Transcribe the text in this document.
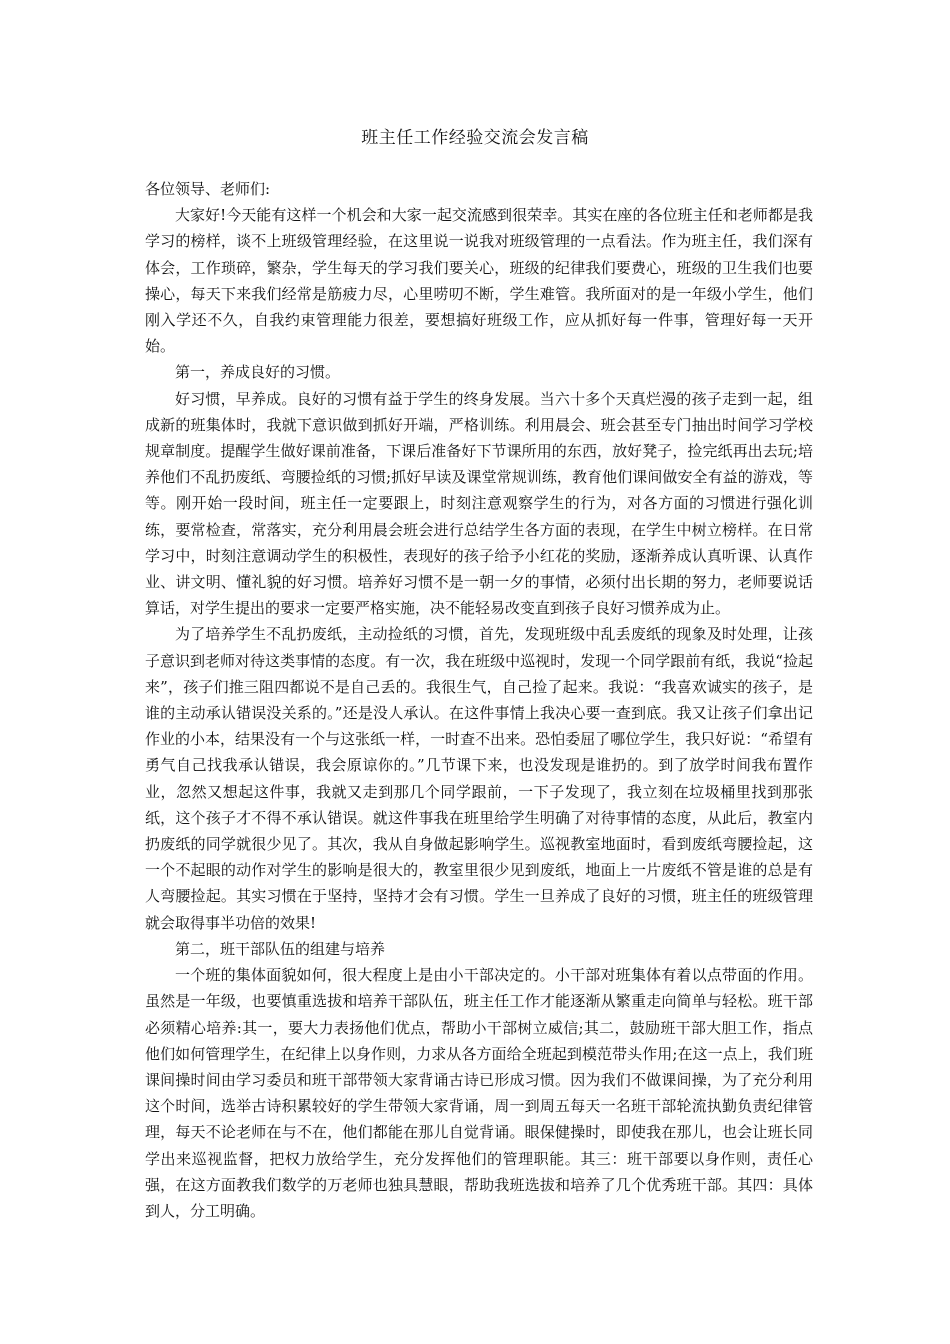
班主任工作经验交流会发言稿

各位领导、老师们:

大家好!今天能有这样一个机会和大家一起交流感到很荣幸。其实在座的各位班主任和老师都是我学习的榜样，谈不上班级管理经验，在这里说一说我对班级管理的一点看法。作为班主任，我们深有体会，工作琐碎，繁杂，学生每天的学习我们要关心，班级的纪律我们要费心，班级的卫生我们也要操心，每天下来我们经常是筋疲力尽，心里唠叨不断，学生难管。我所面对的是一年级小学生，他们刚入学还不久，自我约束管理能力很差，要想搞好班级工作，应从抓好每一件事，管理好每一天开始。

第一，养成良好的习惯。

好习惯，早养成。良好的习惯有益于学生的终身发展。当六十多个天真烂漫的孩子走到一起，组成新的班集体时，我就下意识做到抓好开端，严格训练。利用晨会、班会甚至专门抽出时间学习学校规章制度。提醒学生做好课前准备，下课后准备好下节课所用的东西，放好凳子，捡完纸再出去玩;培养他们不乱扔废纸、弯腰捡纸的习惯;抓好早读及课堂常规训练，教育他们课间做安全有益的游戏，等等。刚开始一段时间，班主任一定要跟上，时刻注意观察学生的行为，对各方面的习惯进行强化训练，要常检查，常落实，充分利用晨会班会进行总结学生各方面的表现，在学生中树立榜样。在日常学习中，时刻注意调动学生的积极性，表现好的孩子给予小红花的奖励，逐渐养成认真听课、认真作业、讲文明、懂礼貌的好习惯。培养好习惯不是一朝一夕的事情，必须付出长期的努力，老师要说话算话，对学生提出的要求一定要严格实施，决不能轻易改变直到孩子良好习惯养成为止。

为了培养学生不乱扔废纸，主动捡纸的习惯，首先，发现班级中乱丢废纸的现象及时处理，让孩子意识到老师对待这类事情的态度。有一次，我在班级中巡视时，发现一个同学跟前有纸，我说“捡起来”，孩子们推三阻四都说不是自己丢的。我很生气，自己捡了起来。我说：“我喜欢诚实的孩子，是谁的主动承认错误没关系的。”还是没人承认。在这件事情上我决心要一查到底。我又让孩子们拿出记作业的小本，结果没有一个与这张纸一样，一时查不出来。恐怕委屈了哪位学生，我只好说：“希望有勇气自己找我承认错误，我会原谅你的。”几节课下来，也没发现是谁扔的。到了放学时间我布置作业，忽然又想起这件事，我就又走到那几个同学跟前，一下子发现了，我立刻在垃圾桶里找到那张纸，这个孩子才不得不承认错误。就这件事我在班里给学生明确了对待事情的态度，从此后，教室内扔废纸的同学就很少见了。其次，我从自身做起影响学生。巡视教室地面时，看到废纸弯腰捡起，这一个不起眼的动作对学生的影响是很大的，教室里很少见到废纸，地面上一片废纸不管是谁的总是有人弯腰捡起。其实习惯在于坚持，坚持才会有习惯。学生一旦养成了良好的习惯，班主任的班级管理就会取得事半功倍的效果!

第二，班干部队伍的组建与培养

一个班的集体面貌如何，很大程度上是由小干部决定的。小干部对班集体有着以点带面的作用。虽然是一年级，也要慎重选拔和培养干部队伍，班主任工作才能逐渐从繁重走向简单与轻松。班干部必须精心培养:其一，要大力表扬他们优点，帮助小干部树立威信;其二，鼓励班干部大胆工作，指点他们如何管理学生，在纪律上以身作则，力求从各方面给全班起到模范带头作用;在这一点上，我们班课间操时间由学习委员和班干部带领大家背诵古诗已形成习惯。因为我们不做课间操，为了充分利用这个时间，选举古诗积累较好的学生带领大家背诵，周一到周五每天一名班干部轮流执勤负责纪律管理，每天不论老师在与不在，他们都能在那儿自觉背诵。眼保健操时，即使我在那儿，也会让班长同学出来巡视监督，把权力放给学生，充分发挥他们的管理职能。其三：班干部要以身作则，责任心强，在这方面教我们数学的万老师也独具慧眼，帮助我班选拔和培养了几个优秀班干部。其四：具体到人，分工明确。
